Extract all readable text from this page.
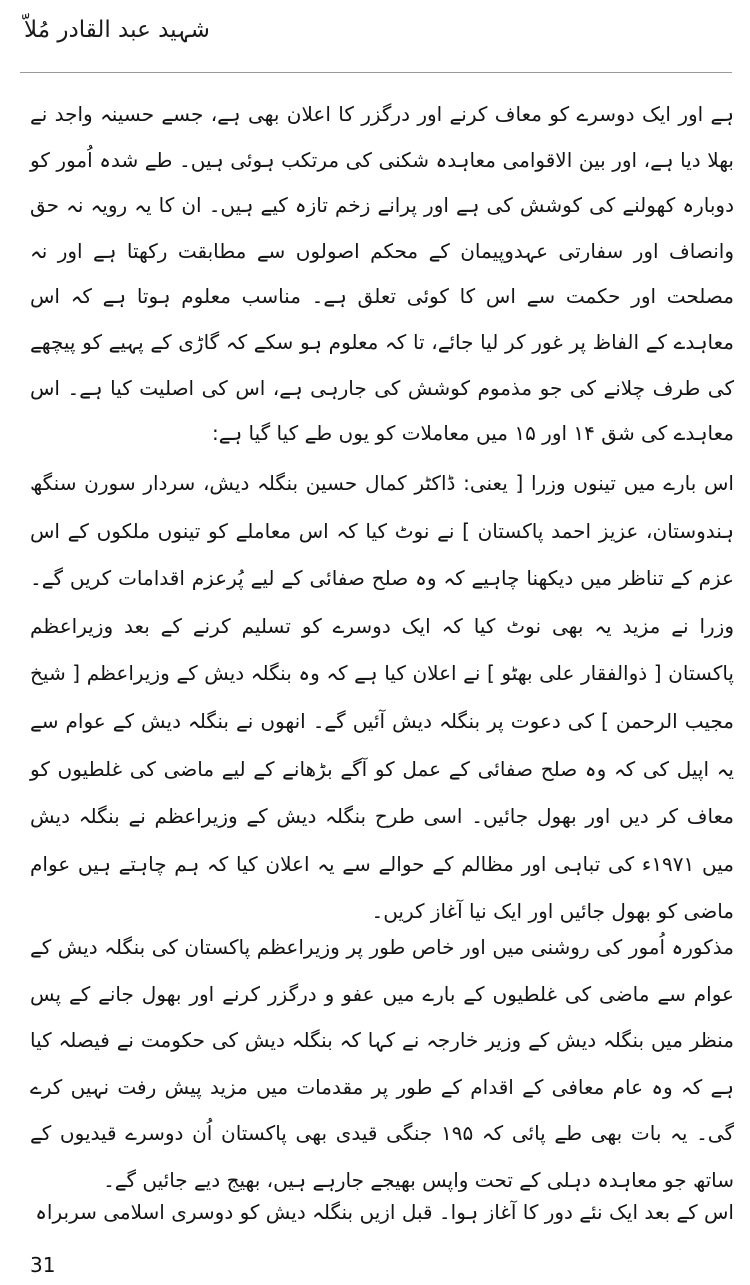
شہید عبد القادر مُلاّ

ہے اور ایک دوسرے کو معاف کرنے اور درگزر کا اعلان بھی ہے، جسے حسینہ واجد نے بھلا دیا ہے، اور بین الاقوامی معاہدہ شکنی کی مرتکب ہوئی ہیں۔ طے شدہ اُمور کو دوبارہ کھولنے کی کوشش کی ہے اور پرانے زخم تازہ کیے ہیں۔ ان کا یہ رویہ نہ حق وانصاف اور سفارتی عہدوپیمان کے محکم اصولوں سے مطابقت رکھتا ہے اور نہ مصلحت اور حکمت سے اس کا کوئی تعلق ہے۔ مناسب معلوم ہوتا ہے کہ اس معاہدے کے الفاظ پر غور کر لیا جائے، تا کہ معلوم ہو سکے کہ گاڑی کے پہیے کو پیچھے کی طرف چلانے کی جو مذموم کوشش کی جارہی ہے، اس کی اصلیت کیا ہے۔ اس معاہدے کی شق ۱۴ اور ۱۵ میں معاملات کو یوں طے کیا گیا ہے:

اس بارے میں تینوں وزرا [ یعنی: ڈاکٹر کمال حسین بنگلہ دیش، سردار سورن سنگھ ہندوستان، عزیز احمد پاکستان ] نے نوٹ کیا کہ اس معاملے کو تینوں ملکوں کے اس عزم کے تناظر میں دیکھنا چاہیے کہ وہ صلح صفائی کے لیے پُرعزم اقدامات کریں گے۔ وزرا نے مزید یہ بھی نوٹ کیا کہ ایک دوسرے کو تسلیم کرنے کے بعد وزیراعظم پاکستان [ ذوالفقار علی بھٹو ] نے اعلان کیا ہے کہ وہ بنگلہ دیش کے وزیراعظم [ شیخ مجیب الرحمن ] کی دعوت پر بنگلہ دیش آئیں گے۔ انھوں نے بنگلہ دیش کے عوام سے یہ اپیل کی کہ وہ صلح صفائی کے عمل کو آگے بڑھانے کے لیے ماضی کی غلطیوں کو معاف کر دیں اور بھول جائیں۔ اسی طرح بنگلہ دیش کے وزیراعظم نے بنگلہ دیش میں ۱۹۷۱ء کی تباہی اور مظالم کے حوالے سے یہ اعلان کیا کہ ہم چاہتے ہیں عوام ماضی کو بھول جائیں اور ایک نیا آغاز کریں۔

مذکورہ اُمور کی روشنی میں اور خاص طور پر وزیراعظم پاکستان کی بنگلہ دیش کے عوام سے ماضی کی غلطیوں کے بارے میں عفو و درگزر کرنے اور بھول جانے کے پس منظر میں بنگلہ دیش کے وزیر خارجہ نے کہا کہ بنگلہ دیش کی حکومت نے فیصلہ کیا ہے کہ وہ عام معافی کے اقدام کے طور پر مقدمات میں مزید پیش رفت نہیں کرے گی۔ یہ بات بھی طے پائی کہ ۱۹۵ جنگی قیدی بھی پاکستان اُن دوسرے قیدیوں کے ساتھ جو معاہدہ دہلی کے تحت واپس بھیجے جارہے ہیں، بھیج دیے جائیں گے۔

اس کے بعد ایک نئے دور کا آغاز ہوا۔ قبل ازیں بنگلہ دیش کو دوسری اسلامی سربراہ

31
